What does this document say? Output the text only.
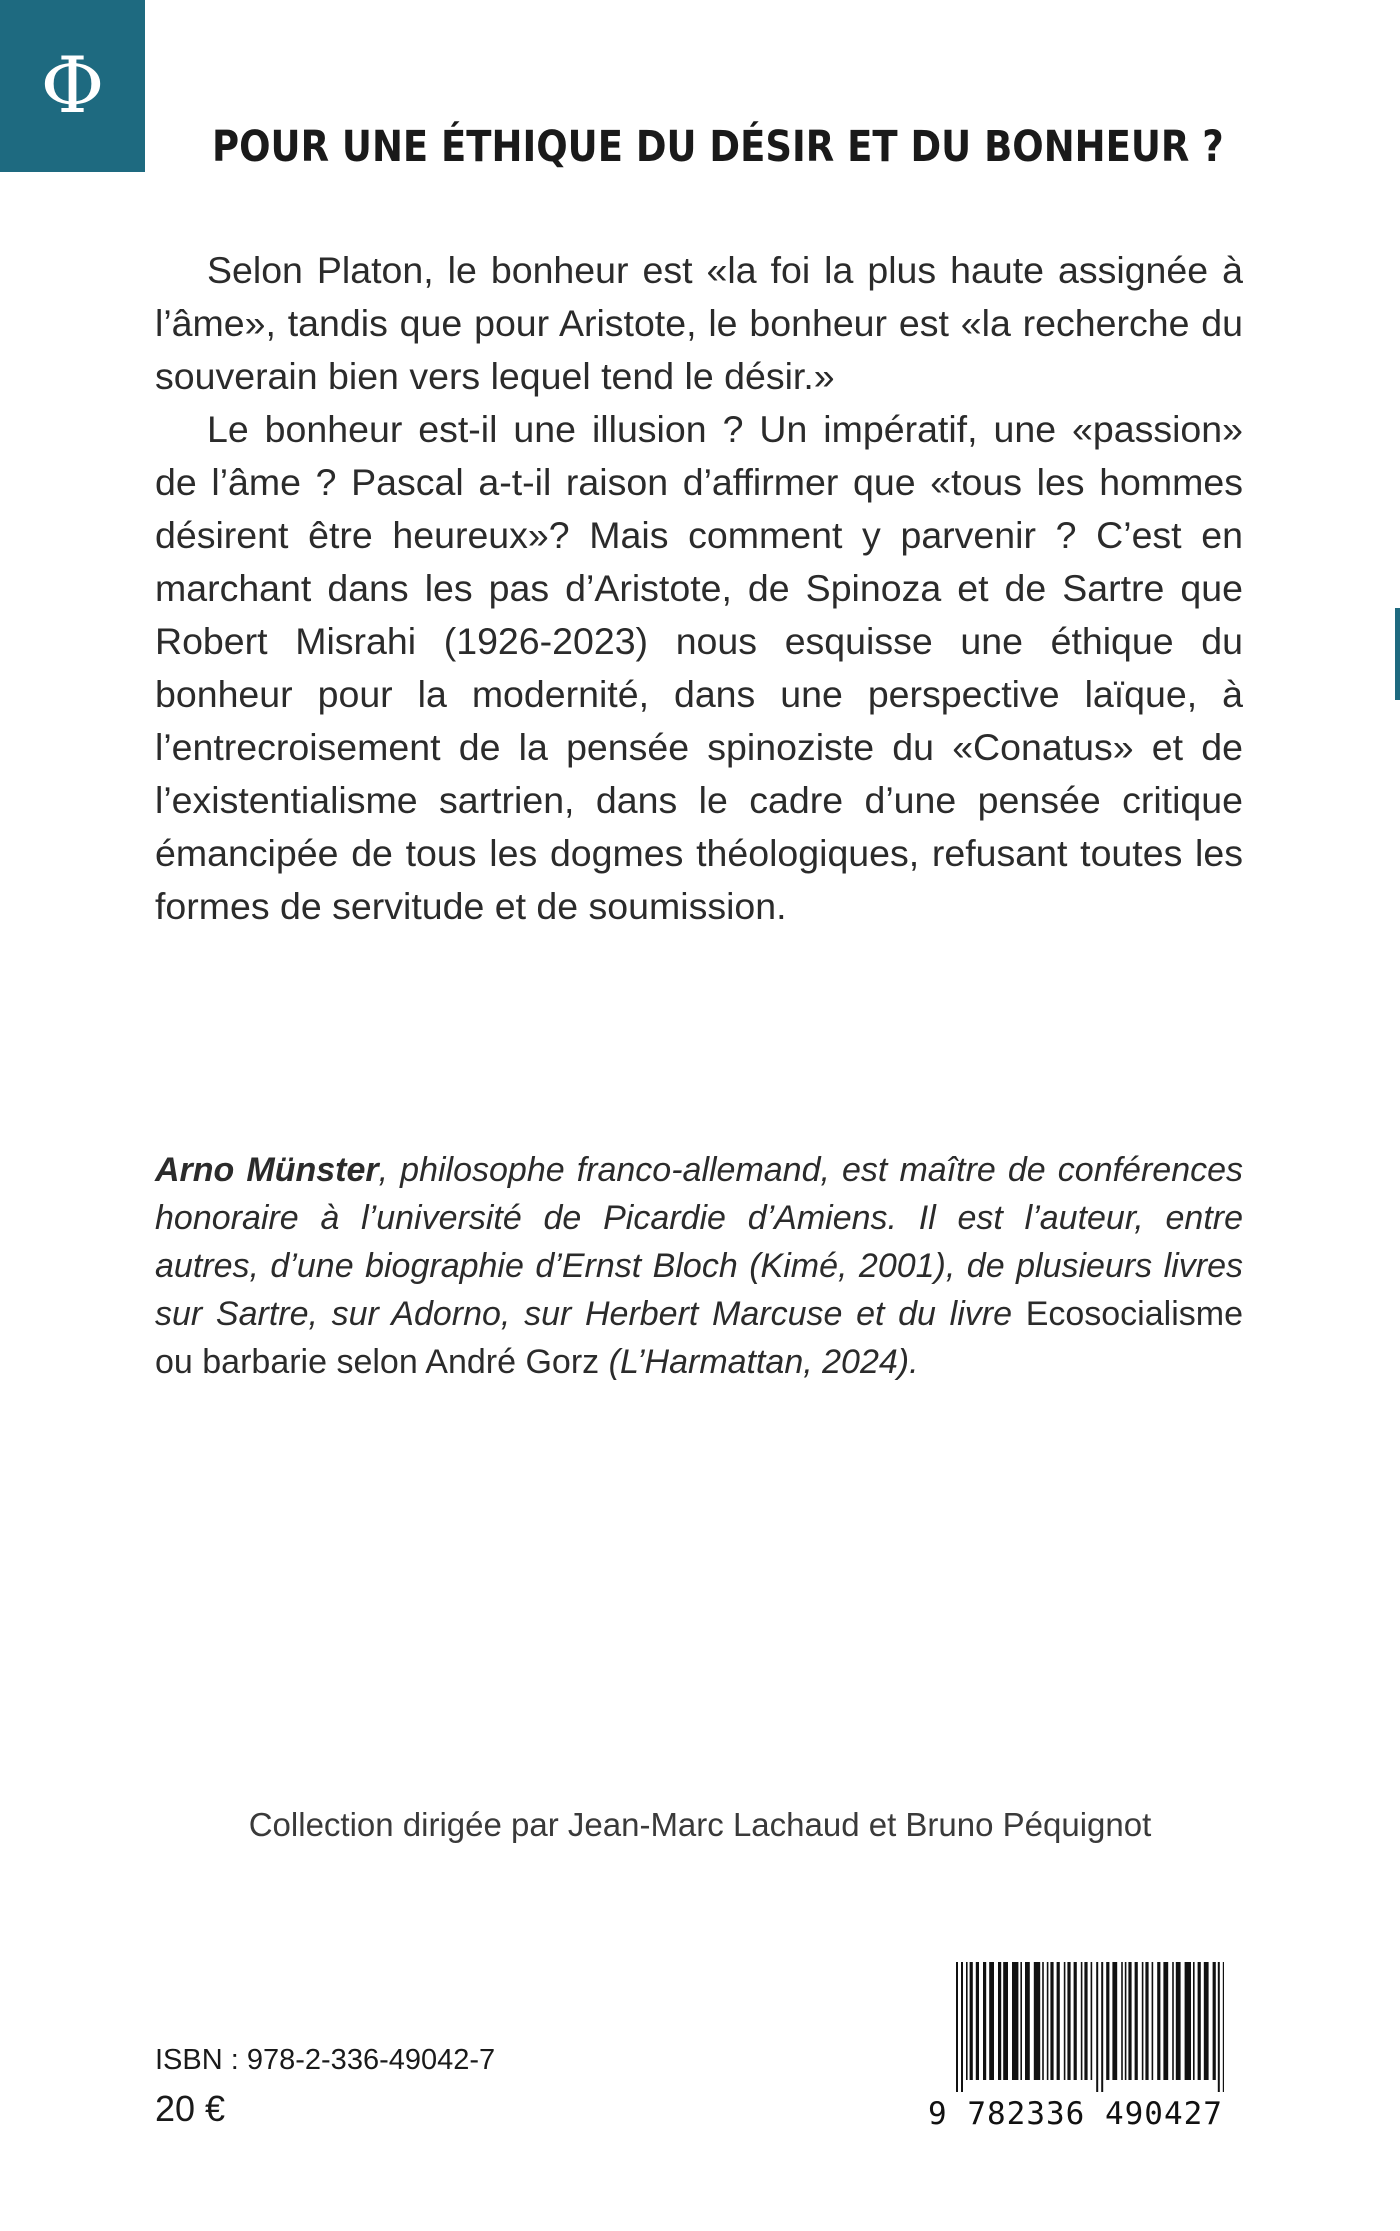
Φ
POUR UNE ÉTHIQUE DU DÉSIR ET DU BONHEUR ?

Selon Platon, le bonheur est «la foi la plus haute assignée à l’âme», tandis que pour Aristote, le bonheur est «la recherche du souverain bien vers lequel tend le désir.»

Le bonheur est-il une illusion ? Un impératif, une «passion» de l’âme ? Pascal a-t-il raison d’affirmer que «tous les hommes désirent être heureux»? Mais comment y parvenir ? C’est en marchant dans les pas d’Aristote, de Spinoza et de Sartre que Robert Misrahi (1926-2023) nous esquisse une éthique du bonheur pour la modernité, dans une perspective laïque, à l’entrecroisement de la pensée spinoziste du «Conatus» et de l’existentialisme sartrien, dans le cadre d’une pensée critique émancipée de tous les dogmes théologiques, refusant toutes les formes de servitude et de soumission.

Arno Münster, philosophe franco-allemand, est maître de conférences honoraire à l’université de Picardie d’Amiens. Il est l’auteur, entre autres, d’une biographie d’Ernst Bloch (Kimé, 2001), de plusieurs livres sur Sartre, sur Adorno, sur Herbert Marcuse et du livre Ecosocialisme ou barbarie selon André Gorz (L’Harmattan, 2024).
Collection dirigée par Jean-Marc Lachaud et Bruno Péquignot
ISBN : 978-2-336-49042-7
20 €	9 782336 490427
